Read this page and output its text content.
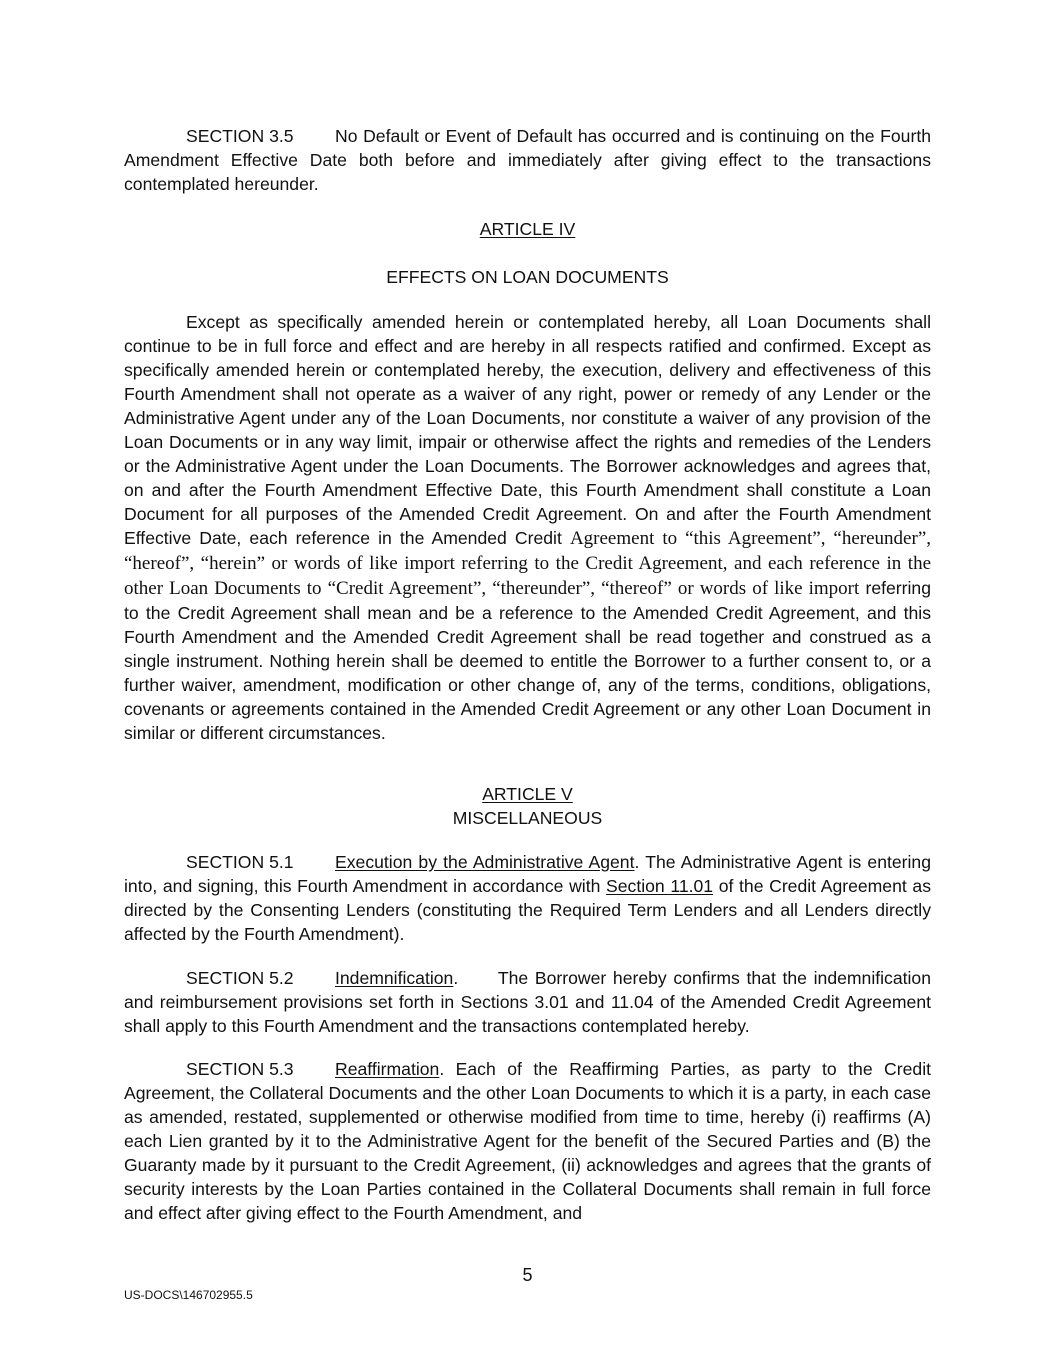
SECTION 3.5 No Default or Event of Default has occurred and is continuing on the Fourth Amendment Effective Date both before and immediately after giving effect to the transactions contemplated hereunder.

ARTICLE IV

EFFECTS ON LOAN DOCUMENTS

Except as specifically amended herein or contemplated hereby, all Loan Documents shall continue to be in full force and effect and are hereby in all respects ratified and confirmed. Except as specifically amended herein or contemplated hereby, the execution, delivery and effectiveness of this Fourth Amendment shall not operate as a waiver of any right, power or remedy of any Lender or the Administrative Agent under any of the Loan Documents, nor constitute a waiver of any provision of the Loan Documents or in any way limit, impair or otherwise affect the rights and remedies of the Lenders or the Administrative Agent under the Loan Documents. The Borrower acknowledges and agrees that, on and after the Fourth Amendment Effective Date, this Fourth Amendment shall constitute a Loan Document for all purposes of the Amended Credit Agreement. On and after the Fourth Amendment Effective Date, each reference in the Amended Credit Agreement to “this Agreement”, “hereunder”, “hereof”, “herein” or words of like import referring to the Credit Agreement, and each reference in the other Loan Documents to “Credit Agreement”, “thereunder”, “thereof” or words of like import referring to the Credit Agreement shall mean and be a reference to the Amended Credit Agreement, and this Fourth Amendment and the Amended Credit Agreement shall be read together and construed as a single instrument. Nothing herein shall be deemed to entitle the Borrower to a further consent to, or a further waiver, amendment, modification or other change of, any of the terms, conditions, obligations, covenants or agreements contained in the Amended Credit Agreement or any other Loan Document in similar or different circumstances.

ARTICLE V

MISCELLANEOUS

SECTION 5.1 Execution by the Administrative Agent. The Administrative Agent is entering into, and signing, this Fourth Amendment in accordance with Section 11.01 of the Credit Agreement as directed by the Consenting Lenders (constituting the Required Term Lenders and all Lenders directly affected by the Fourth Amendment).

SECTION 5.2 Indemnification.      The Borrower hereby confirms that the indemnification and reimbursement provisions set forth in Sections 3.01 and 11.04 of the Amended Credit Agreement shall apply to this Fourth Amendment and the transactions contemplated hereby.

SECTION 5.3 Reaffirmation. Each of the Reaffirming Parties, as party to the Credit Agreement, the Collateral Documents and the other Loan Documents to which it is a party, in each case as amended, restated, supplemented or otherwise modified from time to time, hereby (i) reaffirms (A) each Lien granted by it to the Administrative Agent for the benefit of the Secured Parties and (B) the Guaranty made by it pursuant to the Credit Agreement, (ii) acknowledges and agrees that the grants of security interests by the Loan Parties contained in the Collateral Documents shall remain in full force and effect after giving effect to the Fourth Amendment, and

5
US-DOCS\146702955.5
